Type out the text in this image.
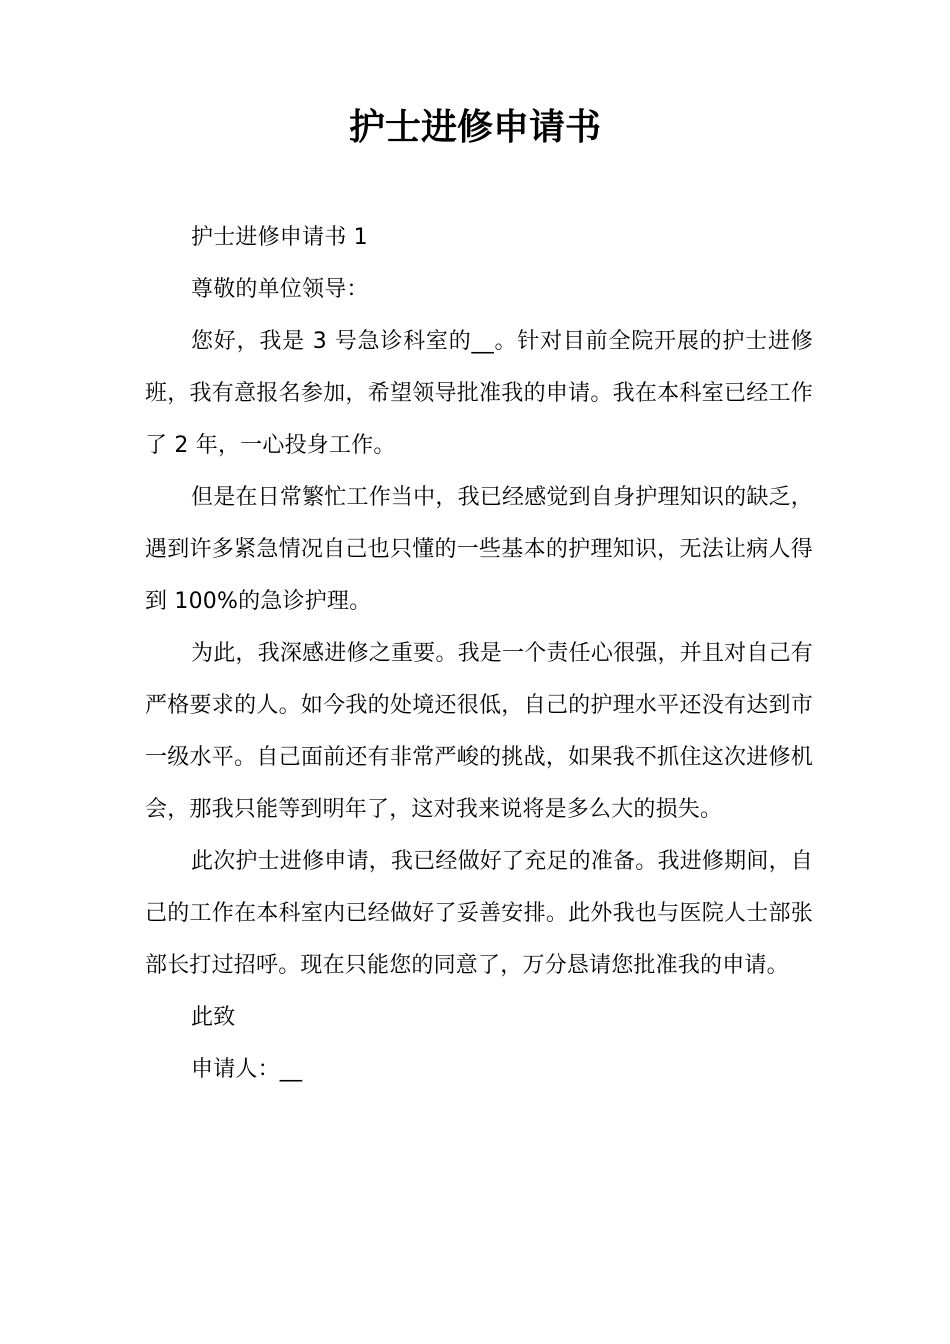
护士进修申请书

护士进修申请书 1

尊敬的单位领导：

您好，我是 3 号急诊科室的__。针对目前全院开展的护士进修班，我有意报名参加，希望领导批准我的申请。我在本科室已经工作了 2 年，一心投身工作。

但是在日常繁忙工作当中，我已经感觉到自身护理知识的缺乏，遇到许多紧急情况自己也只懂的一些基本的护理知识，无法让病人得到 100%的急诊护理。

为此，我深感进修之重要。我是一个责任心很强，并且对自己有严格要求的人。如今我的处境还很低，自己的护理水平还没有达到市一级水平。自己面前还有非常严峻的挑战，如果我不抓住这次进修机会，那我只能等到明年了，这对我来说将是多么大的损失。

此次护士进修申请，我已经做好了充足的准备。我进修期间，自己的工作在本科室内已经做好了妥善安排。此外我也与医院人士部张部长打过招呼。现在只能您的同意了，万分恳请您批准我的申请。

此致

申请人：__
